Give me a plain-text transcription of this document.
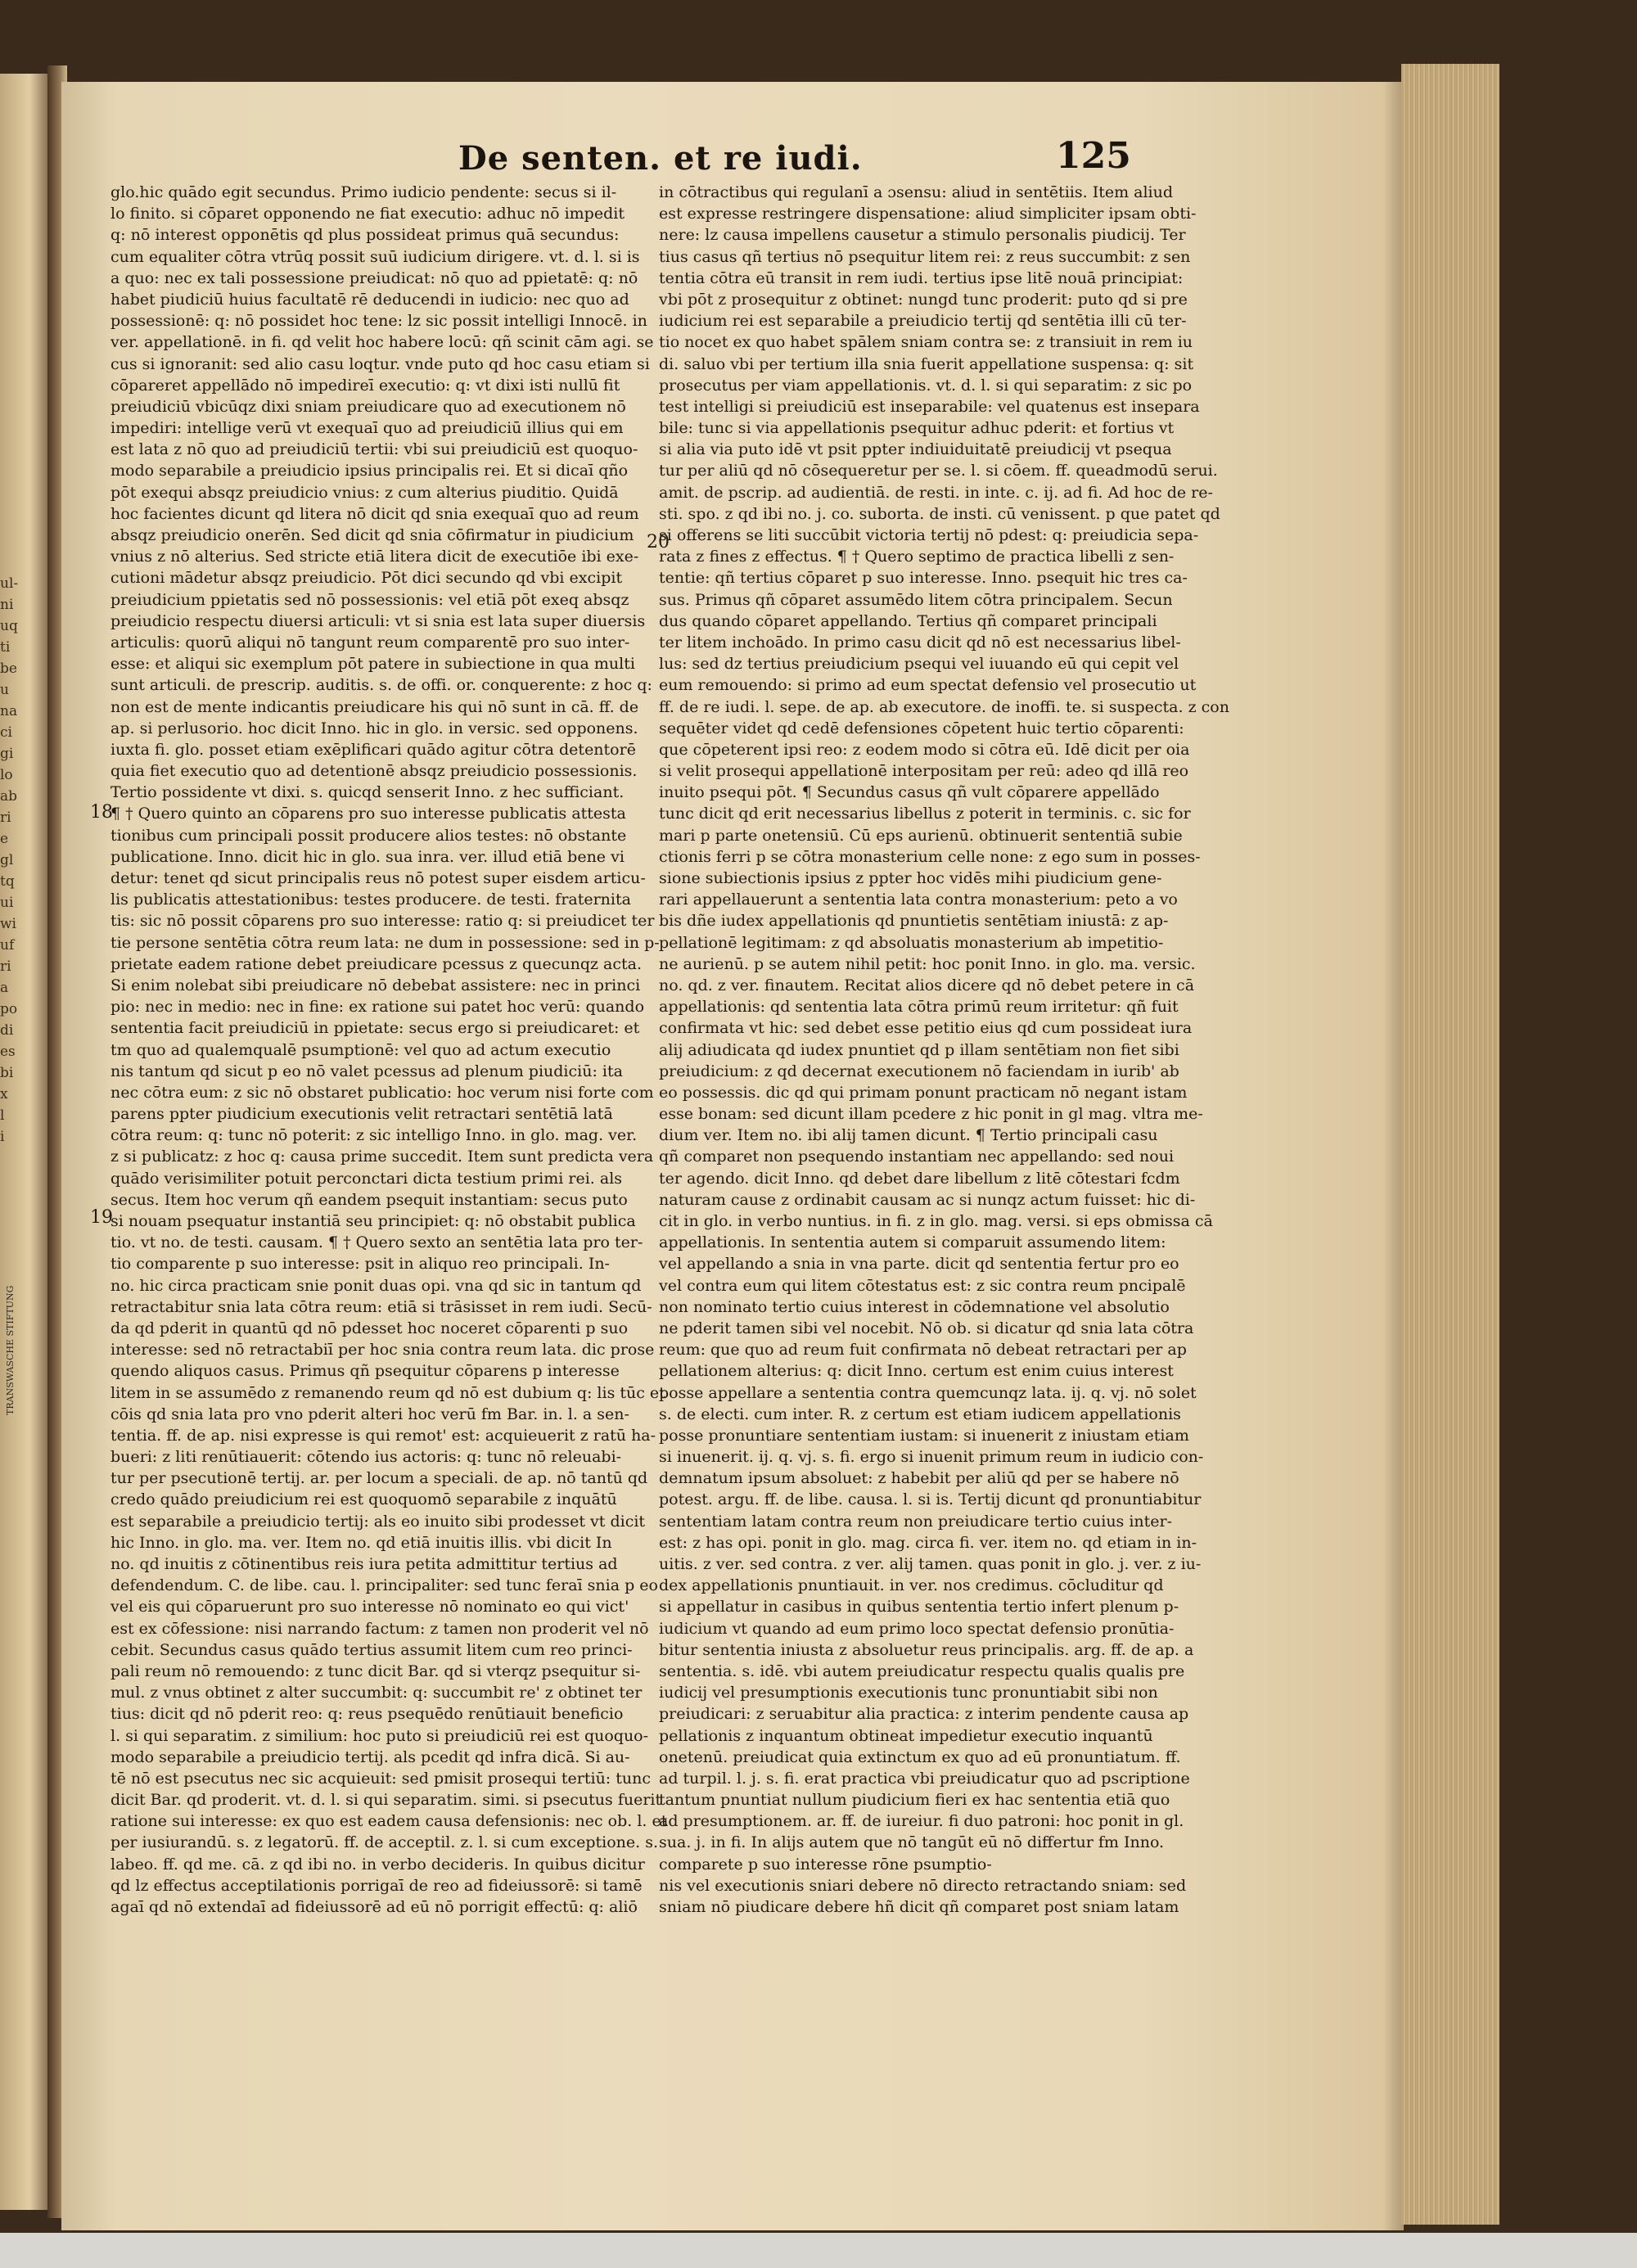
ul-
ni
uq
ti
be
u
na
ci
gi
lo
ab
ri
e
gl
tq
ui
wi
uf
ri
a
po
di
es
bi
x
l
i
De senten. et re iudi.	125
18
19
20
glo.hic quādo egit secundus. Primo iudicio pendente: secus si il-
lo finito. si cōparet opponendo ne fiat executio: adhuc nō impedit
q: nō interest opponētis qd plus possideat primus quā secundus:
cum equaliter cōtra vtrūq possit suū iudicium dirigere. vt. d. l. si is
a quo: nec ex tali possessione preiudicat: nō quo ad ppietatē: q: nō
habet piudiciū huius facultatē rē deducendi in iudicio: nec quo ad
possessionē: q: nō possidet hoc tene: lz sic possit intelligi Innocē. in
ver. appellationē. in fi. qd velit hoc habere locū: qñ scinit cām agi. se
cus si ignoranit: sed alio casu loqtur. vnde puto qd hoc casu etiam si
cōpareret appellādo nō impedireī executio: q: vt dixi isti nullū fit
preiudiciū vbicūqz dixi sniam preiudicare quo ad executionem nō
impediri: intellige verū vt exequaī quo ad preiudiciū illius qui em
est lata z nō quo ad preiudiciū tertii: vbi sui preiudiciū est quoquo-
modo separabile a preiudicio ipsius principalis rei. Et si dicaī qño
pōt exequi absqz preiudicio vnius: z cum alterius piuditio. Quidā
hoc facientes dicunt qd litera nō dicit qd snia exequaī quo ad reum
absqz preiudicio onerēn. Sed dicit qd snia cōfirmatur in piudicium
vnius z nō alterius. Sed stricte etiā litera dicit de executiōe ibi exe-
cutioni mādetur absqz preiudicio. Pōt dici secundo qd vbi excipit
preiudicium ppietatis sed nō possessionis: vel etiā pōt exeq absqz
preiudicio respectu diuersi articuli: vt si snia est lata super diuersis
articulis: quorū aliqui nō tangunt reum comparentē pro suo inter-
esse: et aliqui sic exemplum pōt patere in subiectione in qua multi
sunt articuli. de prescrip. auditis. s. de offi. or. conquerente: z hoc q:
non est de mente indicantis preiudicare his qui nō sunt in cā. ff. de
ap. si perlusorio. hoc dicit Inno. hic in glo. in versic. sed opponens.
iuxta fi. glo. posset etiam exēplificari quādo agitur cōtra detentorē
quia fiet executio quo ad detentionē absqz preiudicio possessionis.
Tertio possidente vt dixi. s. quicqd senserit Inno. z hec sufficiant.
¶ † Quero quinto an cōparens pro suo interesse publicatis attesta
tionibus cum principali possit producere alios testes: nō obstante
publicatione. Inno. dicit hic in glo. sua inra. ver. illud etiā bene vi
detur: tenet qd sicut principalis reus nō potest super eisdem articu-
lis publicatis attestationibus: testes producere. de testi. fraternita
tis: sic nō possit cōparens pro suo interesse: ratio q: si preiudicet ter
tie persone sentētia cōtra reum lata: ne dum in possessione: sed in p-
prietate eadem ratione debet preiudicare pcessus z quecunqz acta.
Si enim nolebat sibi preiudicare nō debebat assistere: nec in princi
pio: nec in medio: nec in fine: ex ratione sui patet hoc verū: quando
sententia facit preiudiciū in ppietate: secus ergo si preiudicaret: et
tm quo ad qualemqualē psumptionē: vel quo ad actum executio
nis tantum qd sicut p eo nō valet pcessus ad plenum piudiciū: ita
nec cōtra eum: z sic nō obstaret publicatio: hoc verum nisi forte com
parens ppter piudicium executionis velit retractari sentētiā latā
cōtra reum: q: tunc nō poterit: z sic intelligo Inno. in glo. mag. ver.
z si publicatz: z hoc q: causa prime succedit. Item sunt predicta vera
quādo verisimiliter potuit perconctari dicta testium primi rei. als
secus. Item hoc verum qñ eandem psequit instantiam: secus puto
si nouam psequatur instantiā seu principiet: q: nō obstabit publica
tio. vt no. de testi. causam. ¶ † Quero sexto an sentētia lata pro ter-
tio comparente p suo interesse: psit in aliquo reo principali. In-
no. hic circa practicam snie ponit duas opi. vna qd sic in tantum qd
retractabitur snia lata cōtra reum: etiā si trāsisset in rem iudi. Secū-
da qd pderit in quantū qd nō pdesset hoc noceret cōparenti p suo
interesse: sed nō retractabiī per hoc snia contra reum lata. dic prose
quendo aliquos casus. Primus qñ psequitur cōparens p interesse
litem in se assumēdo z remanendo reum qd nō est dubium q: lis tūc et
cōis qd snia lata pro vno pderit alteri hoc verū fm Bar. in. l. a sen-
tentia. ff. de ap. nisi expresse is qui remot' est: acquieuerit z ratū ha-
bueri: z liti renūtiauerit: cōtendo ius actoris: q: tunc nō releuabi-
tur per psecutionē tertij. ar. per locum a speciali. de ap. nō tantū qd
credo quādo preiudicium rei est quoquomō separabile z inquātū
est separabile a preiudicio tertij: als eo inuito sibi prodesset vt dicit
hic Inno. in glo. ma. ver. Item no. qd etiā inuitis illis. vbi dicit In
no. qd inuitis z cōtinentibus reis iura petita admittitur tertius ad
defendendum. C. de libe. cau. l. principaliter: sed tunc feraī snia p eo
vel eis qui cōparuerunt pro suo interesse nō nominato eo qui vict'
est ex cōfessione: nisi narrando factum: z tamen non proderit vel nō
cebit. Secundus casus quādo tertius assumit litem cum reo princi-
pali reum nō remouendo: z tunc dicit Bar. qd si vterqz psequitur si-
mul. z vnus obtinet z alter succumbit: q: succumbit re' z obtinet ter
tius: dicit qd nō pderit reo: q: reus psequēdo renūtiauit beneficio
l. si qui separatim. z similium: hoc puto si preiudiciū rei est quoquo-
modo separabile a preiudicio tertij. als pcedit qd infra dicā. Si au-
tē nō est psecutus nec sic acquieuit: sed pmisit prosequi tertiū: tunc
dicit Bar. qd proderit. vt. d. l. si qui separatim. simi. si psecutus fuerit
ratione sui interesse: ex quo est eadem causa defensionis: nec ob. l. et
per iusiurandū. s. z legatorū. ff. de acceptil. z. l. si cum exceptione. s.
labeo. ff. qd me. cā. z qd ibi no. in verbo decideris. In quibus dicitur
qd lz effectus acceptilationis porrigaī de reo ad fideiussorē: si tamē
agaī qd nō extendaī ad fideiussorē ad eū nō porrigit effectū: q: aliō
in cōtractibus qui regulanī a ɔsensu: aliud in sentētiis. Item aliud
est expresse restringere dispensatione: aliud simpliciter ipsam obti-
nere: lz causa impellens causetur a stimulo personalis piudicij. Ter
tius casus qñ tertius nō psequitur litem rei: z reus succumbit: z sen
tentia cōtra eū transit in rem iudi. tertius ipse litē nouā principiat:
vbi pōt z prosequitur z obtinet: nungd tunc proderit: puto qd si pre
iudicium rei est separabile a preiudicio tertij qd sentētia illi cū ter-
tio nocet ex quo habet spālem sniam contra se: z transiuit in rem iu
di. saluo vbi per tertium illa snia fuerit appellatione suspensa: q: sit
prosecutus per viam appellationis. vt. d. l. si qui separatim: z sic po
test intelligi si preiudiciū est inseparabile: vel quatenus est insepara
bile: tunc si via appellationis psequitur adhuc pderit: et fortius vt
si alia via puto idē vt psit ppter indiuiduitatē preiudicij vt psequa
tur per aliū qd nō cōsequeretur per se. l. si cōem. ff. queadmodū serui.
amit. de pscrip. ad audientiā. de resti. in inte. c. ij. ad fi. Ad hoc de re-
sti. spo. z qd ibi no. j. co. suborta. de insti. cū venissent. p que patet qd
si offerens se liti succūbit victoria tertij nō pdest: q: preiudicia sepa-
rata z fines z effectus. ¶ † Quero septimo de practica libelli z sen-
tentie: qñ tertius cōparet p suo interesse. Inno. psequit hic tres ca-
sus. Primus qñ cōparet assumēdo litem cōtra principalem. Secun
dus quando cōparet appellando. Tertius qñ comparet principali
ter litem inchoādo. In primo casu dicit qd nō est necessarius libel-
lus: sed dz tertius preiudicium psequi vel iuuando eū qui cepit vel
eum remouendo: si primo ad eum spectat defensio vel prosecutio ut
ff. de re iudi. l. sepe. de ap. ab executore. de inoffi. te. si suspecta. z con
sequēter videt qd cedē defensiones cōpetent huic tertio cōparenti:
que cōpeterent ipsi reo: z eodem modo si cōtra eū. Idē dicit per oia
si velit prosequi appellationē interpositam per reū: adeo qd illā reo
inuito psequi pōt. ¶ Secundus casus qñ vult cōparere appellādo
tunc dicit qd erit necessarius libellus z poterit in terminis. c. sic for
mari p parte onetensiū. Cū eps aurienū. obtinuerit sententiā subie
ctionis ferri p se cōtra monasterium celle none: z ego sum in posses-
sione subiectionis ipsius z ppter hoc vidēs mihi piudicium gene-
rari appellauerunt a sententia lata contra monasterium: peto a vo
bis dñe iudex appellationis qd pnuntietis sentētiam iniustā: z ap-
pellationē legitimam: z qd absoluatis monasterium ab impetitio-
ne aurienū. p se autem nihil petit: hoc ponit Inno. in glo. ma. versic.
no. qd. z ver. finautem. Recitat alios dicere qd nō debet petere in cā
appellationis: qd sententia lata cōtra primū reum irritetur: qñ fuit
confirmata vt hic: sed debet esse petitio eius qd cum possideat iura
alij adiudicata qd iudex pnuntiet qd p illam sentētiam non fiet sibi
preiudicium: z qd decernat executionem nō faciendam in iurib' ab
eo possessis. dic qd qui primam ponunt practicam nō negant istam
esse bonam: sed dicunt illam pcedere z hic ponit in gl mag. vltra me-
dium ver. Item no. ibi alij tamen dicunt. ¶ Tertio principali casu
qñ comparet non psequendo instantiam nec appellando: sed noui
ter agendo. dicit Inno. qd debet dare libellum z litē cōtestari fcdm
naturam cause z ordinabit causam ac si nunqz actum fuisset: hic di-
cit in glo. in verbo nuntius. in fi. z in glo. mag. versi. si eps obmissa cā
appellationis. In sententia autem si comparuit assumendo litem:
vel appellando a snia in vna parte. dicit qd sententia fertur pro eo
vel contra eum qui litem cōtestatus est: z sic contra reum pncipalē
non nominato tertio cuius interest in cōdemnatione vel absolutio
ne pderit tamen sibi vel nocebit. Nō ob. si dicatur qd snia lata cōtra
reum: que quo ad reum fuit confirmata nō debeat retractari per ap
pellationem alterius: q: dicit Inno. certum est enim cuius interest
posse appellare a sententia contra quemcunqz lata. ij. q. vj. nō solet
s. de electi. cum inter. R. z certum est etiam iudicem appellationis
posse pronuntiare sententiam iustam: si inuenerit z iniustam etiam
si inuenerit. ij. q. vj. s. fi. ergo si inuenit primum reum in iudicio con-
demnatum ipsum absoluet: z habebit per aliū qd per se habere nō
potest. argu. ff. de libe. causa. l. si is. Tertij dicunt qd pronuntiabitur
sententiam latam contra reum non preiudicare tertio cuius inter-
est: z has opi. ponit in glo. mag. circa fi. ver. item no. qd etiam in in-
uitis. z ver. sed contra. z ver. alij tamen. quas ponit in glo. j. ver. z iu-
dex appellationis pnuntiauit. in ver. nos credimus. cōcluditur qd
si appellatur in casibus in quibus sententia tertio infert plenum p-
iudicium vt quando ad eum primo loco spectat defensio pronūtia-
bitur sententia iniusta z absoluetur reus principalis. arg. ff. de ap. a
sententia. s. idē. vbi autem preiudicatur respectu qualis qualis pre
iudicij vel presumptionis executionis tunc pronuntiabit sibi non
preiudicari: z seruabitur alia practica: z interim pendente causa ap
pellationis z inquantum obtineat impedietur executio inquantū
onetenū. preiudicat quia extinctum ex quo ad eū pronuntiatum. ff.
ad turpil. l. j. s. fi. erat practica vbi preiudicatur quo ad pscriptione
tantum pnuntiat nullum piudicium fieri ex hac sententia etiā quo
ad presumptionem. ar. ff. de iureiur. fi duo patroni: hoc ponit in gl.
sua. j. in fi. In alijs autem que nō tangūt eū nō differtur fm Inno.
comparete p suo interesse rōne psumptio-
nis vel executionis sniari debere nō directo retractando sniam: sed
sniam nō piudicare debere hñ dicit qñ comparet post sniam latam
TRANSWASCHE STIFTUNG
